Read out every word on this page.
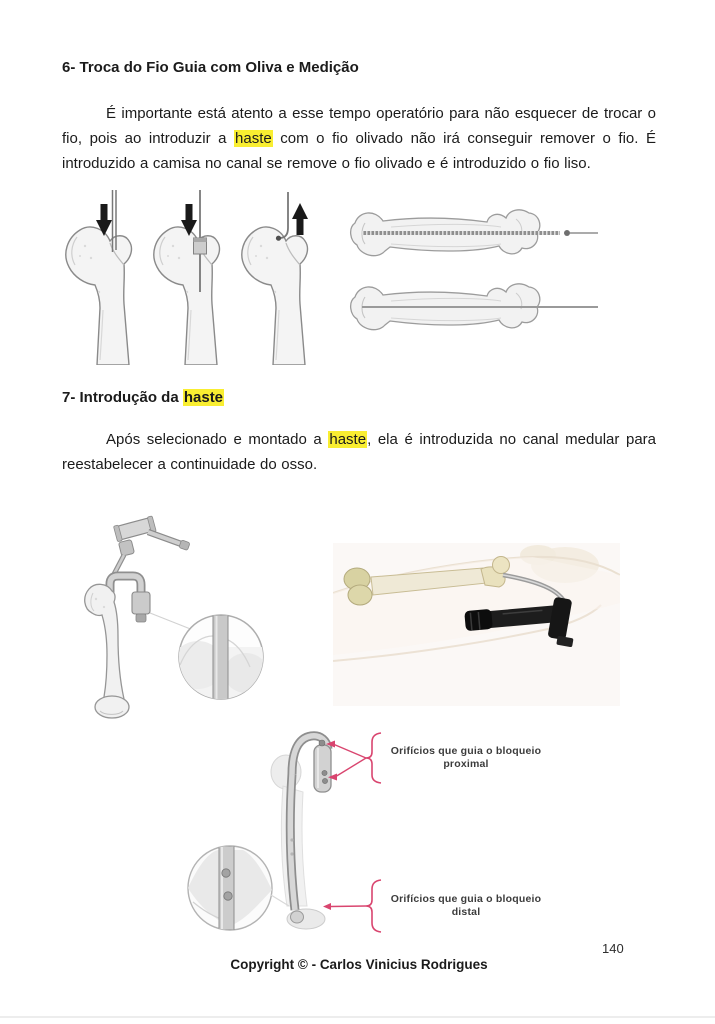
6- Troca do Fio Guia com Oliva e Medição

É importante está atento a esse tempo operatório para não esquecer de trocar o fio, pois ao introduzir a haste com o fio olivado não irá conseguir remover o fio. É introduzido a camisa no canal se remove o fio olivado e é introduzido o fio liso.

7- Introdução da haste

Após selecionado e montado a haste, ela é introduzida no canal medular para reestabelecer a continuidade do osso.

Orifícios que guia o bloqueio proximal
Orifícios que guia o bloqueio distal
140
Copyright © - Carlos Vinicius Rodrigues
